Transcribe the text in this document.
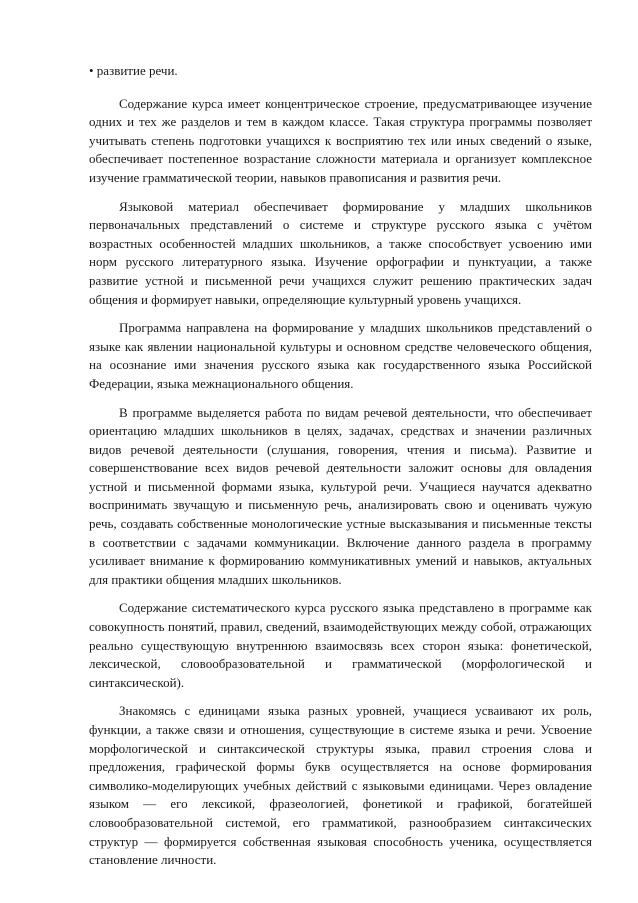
• развитие речи.

Содержание курса имеет концентрическое строение, предусматривающее изучение одних и тех же разделов и тем в каждом классе. Такая структура программы позволяет учитывать степень подготовки учащихся к восприятию тех или иных сведений о языке, обеспечивает постепенное возрастание сложности материала и организует комплексное изучение грамматической теории, навыков правописания и развития речи.

Языковой материал обеспечивает формирование у младших школьников первоначальных представлений о системе и структуре русского языка с учётом возрастных особенностей младших школьников, а также способствует усвоению ими норм русского литературного языка. Изучение орфографии и пунктуации, а также развитие устной и письменной речи учащихся служит решению практических задач общения и формирует навыки, определяющие культурный уровень учащихся.

Программа направлена на формирование у младших школьников представлений о языке как явлении национальной культуры и основном средстве человеческого общения, на осознание ими значения русского языка как государственного языка Российской Федерации, языка межнационального общения.

В программе выделяется работа по видам речевой деятельности, что обеспечивает ориентацию младших школьников в целях, задачах, средствах и значении различных видов речевой деятельности (слушания, говорения, чтения и письма). Развитие и совершенствование всех видов речевой деятельности заложит основы для овладения устной и письменной формами языка, культурой речи. Учащиеся научатся адекватно воспринимать звучащую и письменную речь, анализировать свою и оценивать чужую речь, создавать собственные монологические устные высказывания и письменные тексты в соответствии с задачами коммуникации. Включение данного раздела в программу усиливает внимание к формированию коммуникативных умений и навыков, актуальных для практики общения младших школьников.

Содержание систематического курса русского языка представлено в программе как совокупность понятий, правил, сведений, взаимодействующих между собой, отражающих реально существующую внутреннюю взаимосвязь всех сторон языка: фонетической, лексической, словообразовательной и грамматической (морфологической и синтаксической).

Знакомясь с единицами языка разных уровней, учащиеся усваивают их роль, функции, а также связи и отношения, существующие в системе языка и речи. Усвоение морфологической и синтаксической структуры языка, правил строения слова и предложения, графической формы букв осуществляется на основе формирования символико-моделирующих учебных действий с языковыми единицами. Через овладение языком — его лексикой, фразеологией, фонетикой и графикой, богатейшей словообразовательной системой, его грамматикой, разнообразием синтаксических структур — формируется собственная языковая способность ученика, осуществляется становление личности.
